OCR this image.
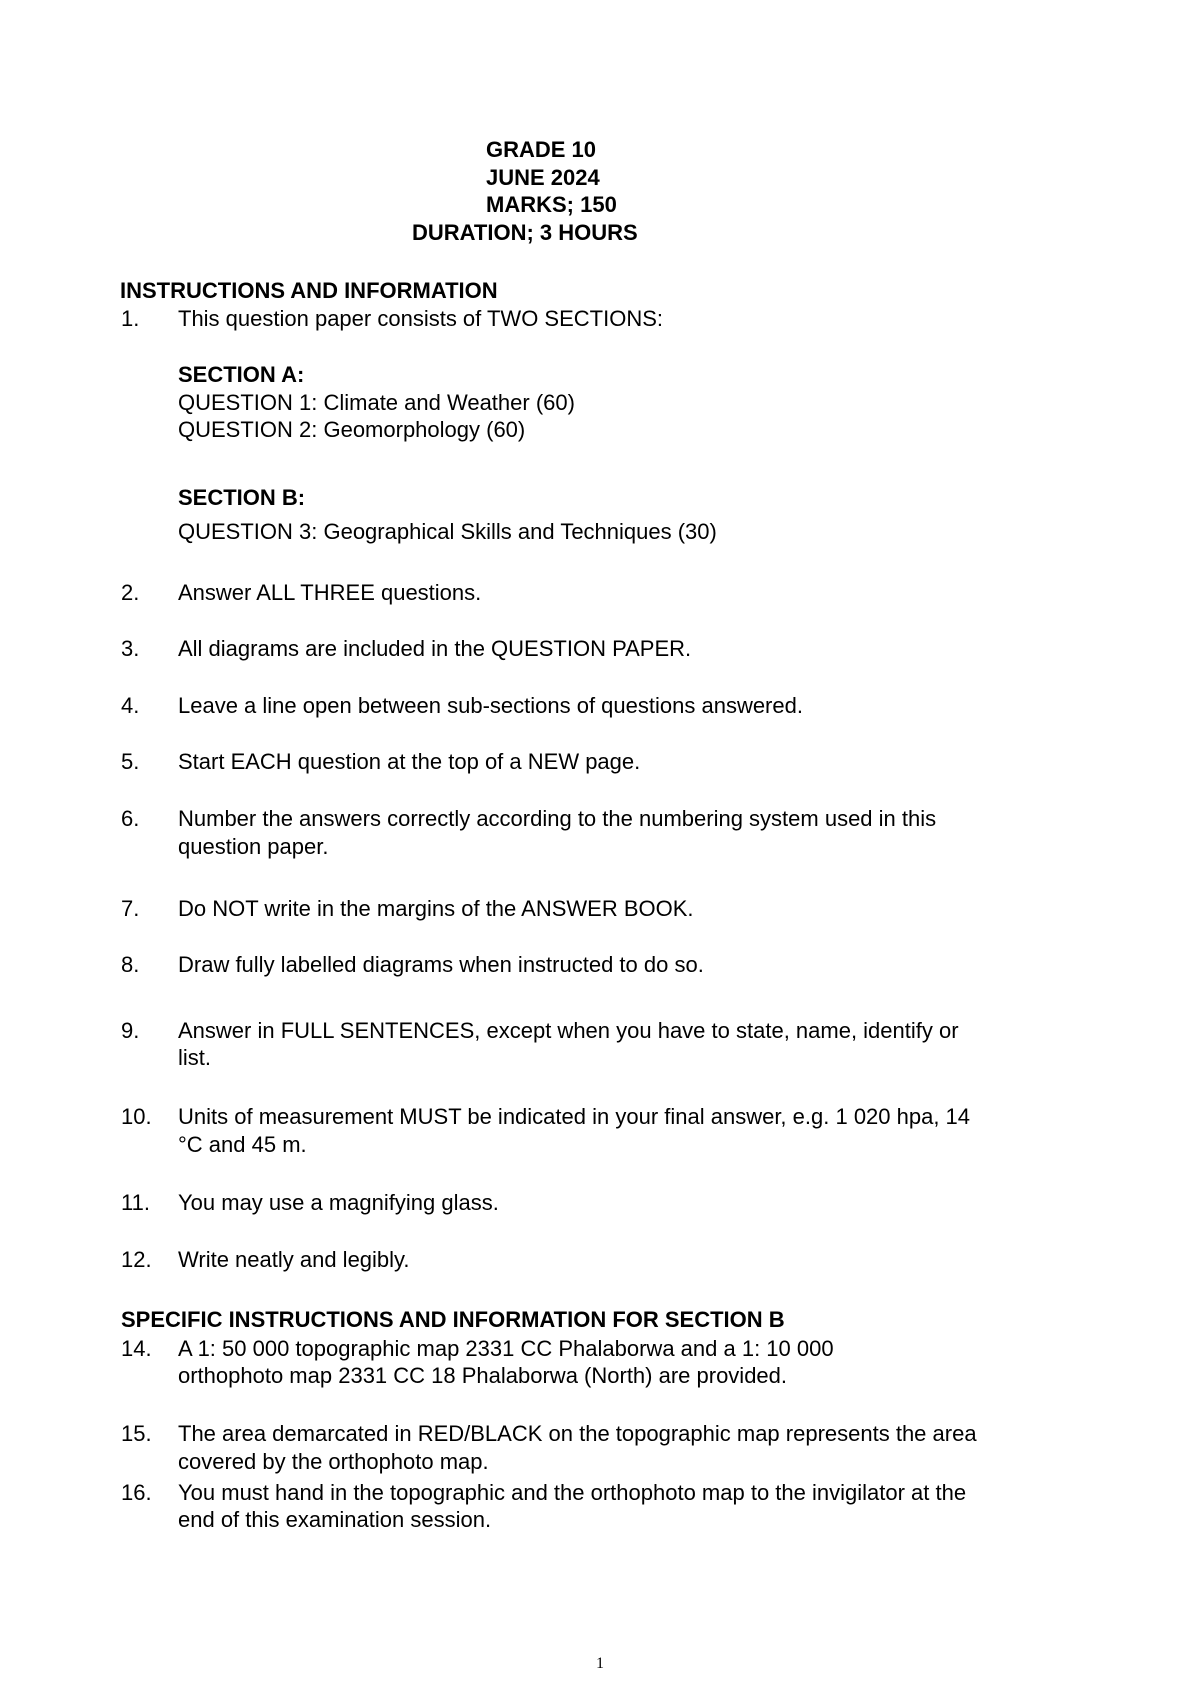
GRADE 10
JUNE 2024
MARKS; 150
DURATION; 3 HOURS
INSTRUCTIONS AND INFORMATION
1. This question paper consists of TWO SECTIONS:
SECTION A:
QUESTION 1: Climate and Weather (60)
QUESTION 2: Geomorphology (60)
SECTION B:
QUESTION 3: Geographical Skills and Techniques (30)
2. Answer ALL THREE questions.
3. All diagrams are included in the QUESTION PAPER.
4. Leave a line open between sub-sections of questions answered.
5. Start EACH question at the top of a NEW page.
6. Number the answers correctly according to the numbering system used in this
question paper.
7. Do NOT write in the margins of the ANSWER BOOK.
8. Draw fully labelled diagrams when instructed to do so.
9. Answer in FULL SENTENCES, except when you have to state, name, identify or
list.
10. Units of measurement MUST be indicated in your final answer, e.g. 1 020 hpa, 14
°C and 45 m.
11. You may use a magnifying glass.
12. Write neatly and legibly.
SPECIFIC INSTRUCTIONS AND INFORMATION FOR SECTION B
14. A 1: 50 000 topographic map 2331 CC Phalaborwa and a 1: 10 000
orthophoto map 2331 CC 18 Phalaborwa (North) are provided.
15. The area demarcated in RED/BLACK on the topographic map represents the area
covered by the orthophoto map.
16. You must hand in the topographic and the orthophoto map to the invigilator at the
end of this examination session.
1
